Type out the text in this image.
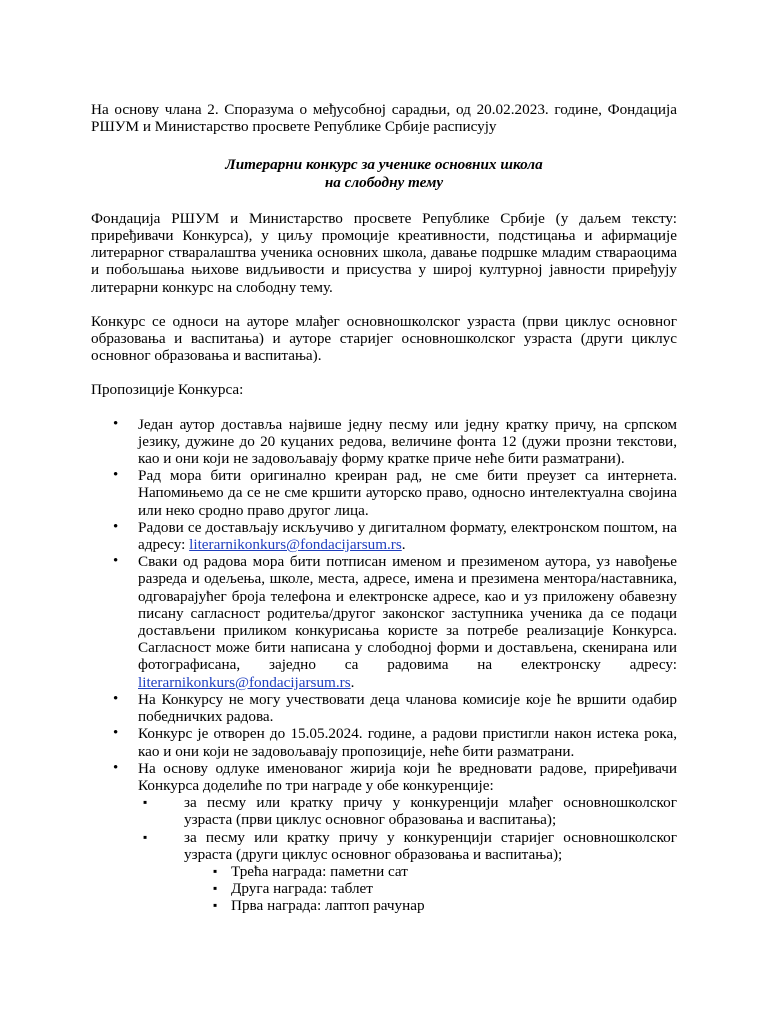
На основу члана 2. Споразума о међусобној сарадњи, од 20.02.2023. године, Фондација РШУМ и Министарство просвете Републике Србије расписују

Литерарни конкурс за ученике основних школа
на слободну тему

Фондација РШУМ и Министарство просвете Републике Србије (у даљем тексту: приређивачи Конкурса), у циљу промоције креативности, подстицања и афирмације литерарног стваралаштва ученика основних школа, давање подршке младим ствараоцима и побољшања њихове видљивости и присуства у широј културној јавности приређују литерарни конкурс на слободну тему.

Конкурс се односи на ауторе млађег основношколског узраста (први циклус основног образовања и васпитања) и ауторе старијег основношколског узраста (други циклус основног образовања и васпитања).

Пропозиције Конкурса:

• Један аутор доставља највише једну песму или једну кратку причу, на српском језику, дужине до 20 куцаних редова, величине фонта 12 (дужи прозни текстови, као и они који не задовољавају форму кратке приче неће бити разматрани).
• Рад мора бити оригинално креиран рад, не сме бити преузет са интернета. Напомињемо да се не сме кршити ауторско право, односно интелектуална својина или неко сродно право другог лица.
• Радови се достављају искључиво у дигиталном формату, електронском поштом, на адресу: literarnikonkurs@fondacijarsum.rs.
• Сваки од радова мора бити потписан именом и презименом аутора, уз навођење разреда и одељења, школе, места, адресе, имена и презимена ментора/наставника, одговарајућег броја телефона и електронске адресе, као и уз приложену обавезну писану сагласност родитеља/другог законског заступника ученика да се подаци достављени приликом конкурисања користе за потребе реализације Конкурса. Сагласност може бити написана у слободној форми и достављена, скенирана или фотографисана, заједно са радовима на електронску адресу: literarnikonkurs@fondacijarsum.rs.
• На Конкурсу не могу учествовати деца чланова комисије које ће вршити одабир победничких радова.
• Конкурс је отворен до 15.05.2024. године, а радови пристигли након истека рока, као и они који не задовољавају пропозиције, неће бити разматрани.
• На основу одлуке именованог жирија који ће вредновати радове, приређивачи Конкурса доделиће по три награде у обе конкуренције:
▪ за песму или кратку причу у конкуренцији млађег основношколског узраста (први циклус основног образовања и васпитања);
▪ за песму или кратку причу у конкуренцији старијег основношколског узраста (други циклус основног образовања и васпитања);
▪ Трећа награда: паметни сат
▪ Друга награда: таблет
▪ Прва награда: лаптоп рачунар
